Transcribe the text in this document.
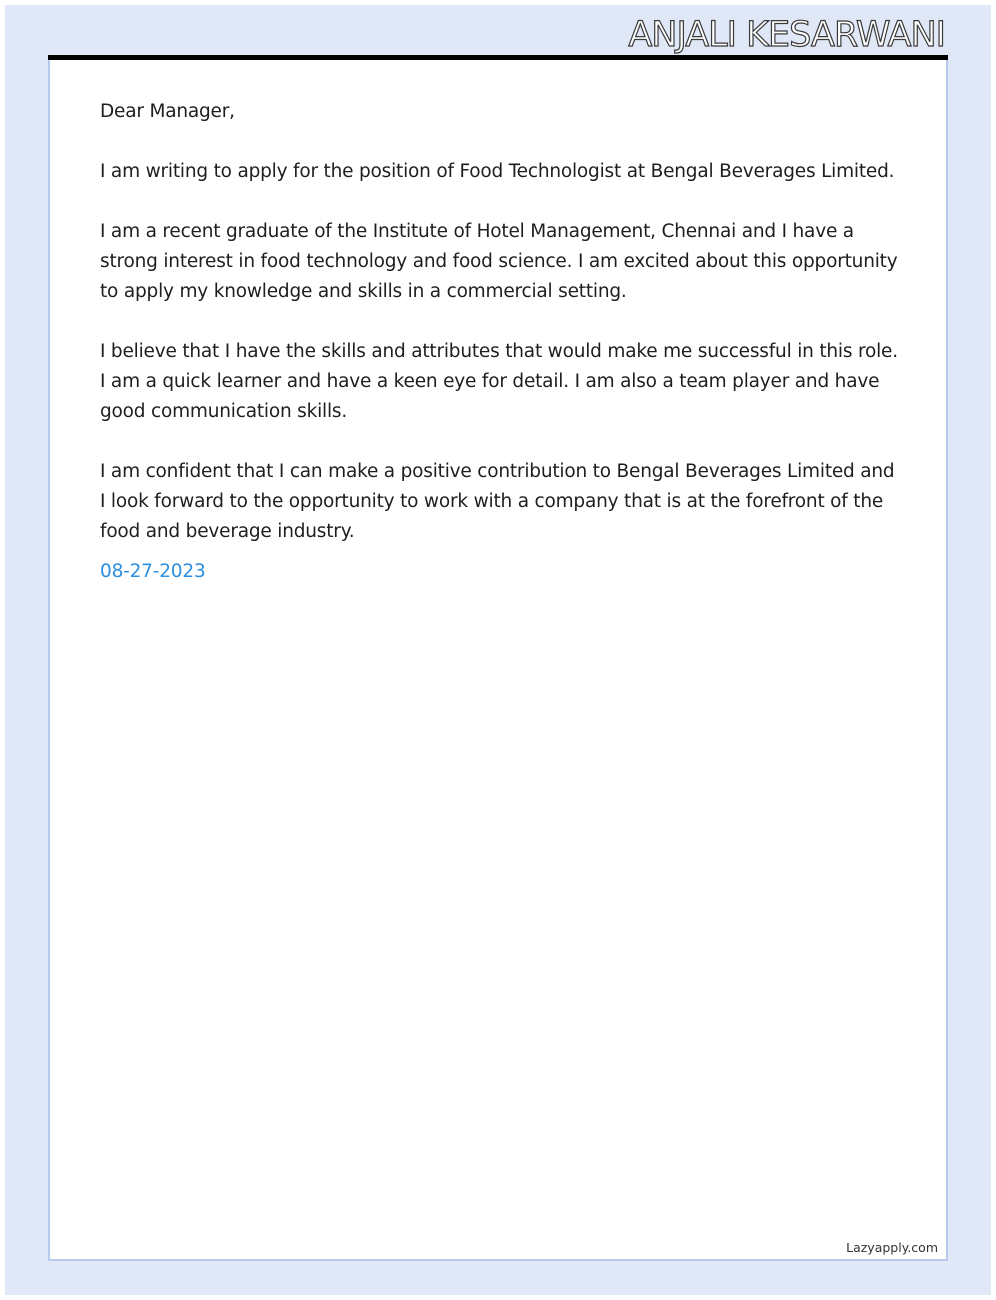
ANJALI KESARWANI

Dear Manager,

I am writing to apply for the position of Food Technologist at Bengal Beverages Limited.

I am a recent graduate of the Institute of Hotel Management, Chennai and I have a strong interest in food technology and food science. I am excited about this opportunity to apply my knowledge and skills in a commercial setting.

I believe that I have the skills and attributes that would make me successful in this role. I am a quick learner and have a keen eye for detail. I am also a team player and have good communication skills.

I am confident that I can make a positive contribution to Bengal Beverages Limited and I look forward to the opportunity to work with a company that is at the forefront of the food and beverage industry.

08-27-2023

Lazyapply.com
